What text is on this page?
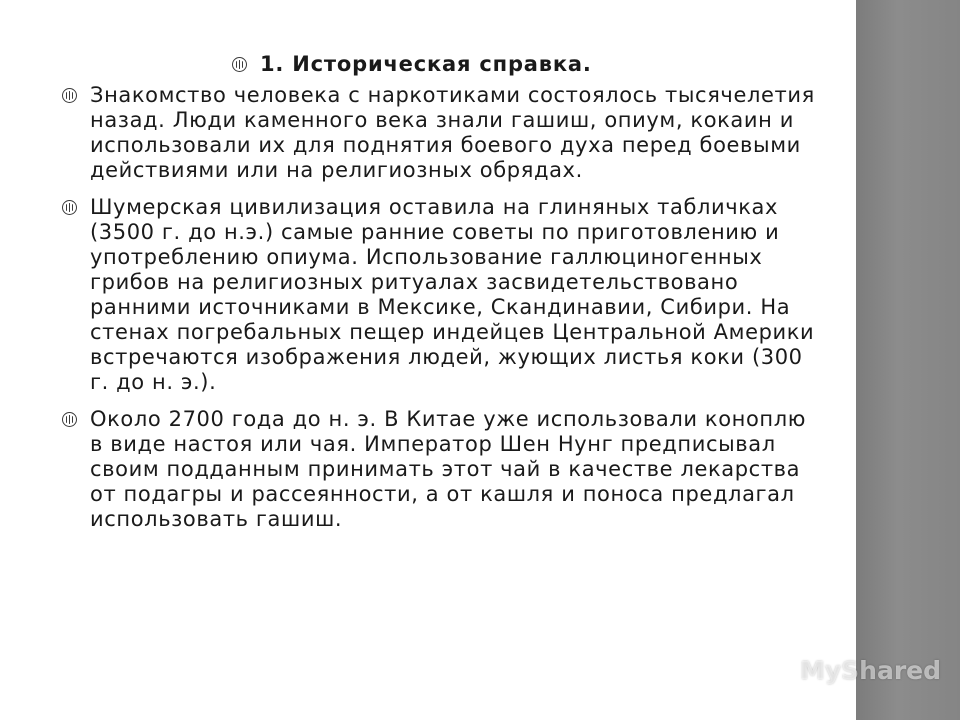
1. Историческая справка.
Знакомство человека с наркотиками состоялось тысячелетия назад. Люди каменного века знали гашиш, опиум, кокаин и использовали их для поднятия боевого духа перед боевыми действиями или на религиозных обрядах.
Шумерская цивилизация оставила на глиняных табличках (3500 г. до н.э.) самые ранние советы по приготовлению и употреблению опиума. Использование галлюциногенных грибов на религиозных ритуалах засвидетельствовано ранними источниками в Мексике, Скандинавии, Сибири. На стенах погребальных пещер индейцев Центральной Америки встречаются изображения людей, жующих листья коки (300 г. до н. э.).
Около 2700 года до н. э. В Китае уже использовали коноплю в виде настоя или чая. Император Шен Нунг предписывал своим подданным принимать этот чай в качестве лекарства от подагры и рассеянности, а от кашля и поноса предлагал использовать гашиш.
MyShared
